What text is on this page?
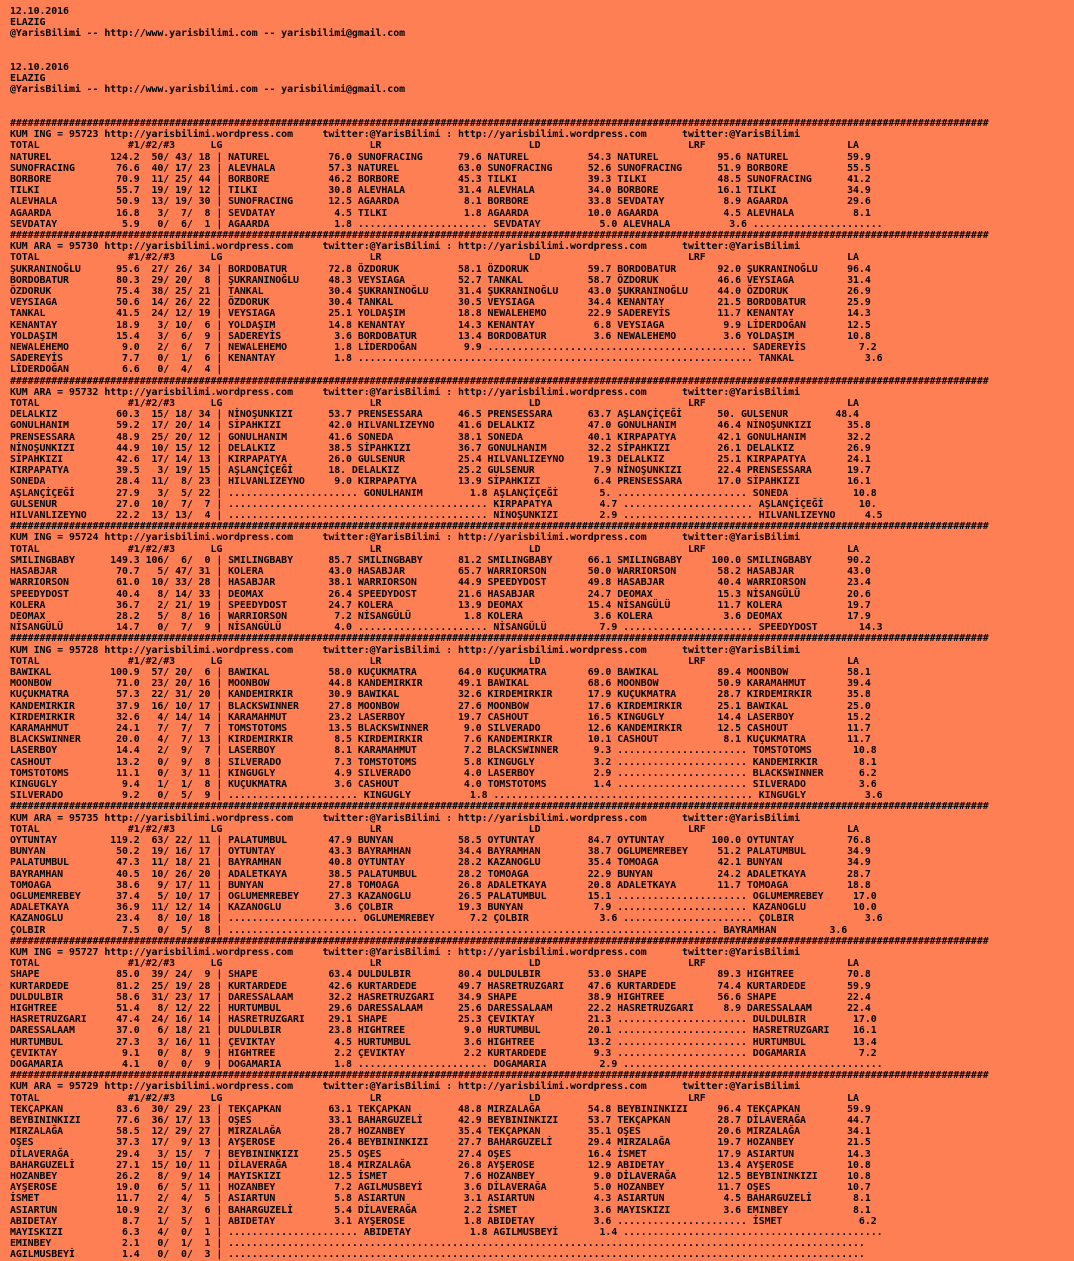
12.10.2016
ELAZIG
@YarisBilimi -- http://www.yarisbilimi.com -- yarisbilimi@gmail.com
12.10.2016
ELAZIG
@YarisBilimi -- http://www.yarisbilimi.com -- yarisbilimi@gmail.com
######################################################################################################################################################################
KUM ING = 95723 http://yarisbilimi.wordpress.com     twitter:@YarisBilimi : http://yarisbilimi.wordpress.com      twitter:@YarisBilimi
TOTAL               #1/#2/#3      LG                         LR                         LD                         LRF                        LA
NATUREL          124.2  50/ 43/ 18 | NATUREL          76.0 SUNOFRACING      79.6 NATUREL          54.3 NATUREL          95.6 NATUREL          59.9
SUNOFRACING       76.6  40/ 17/ 23 | ALEVHALA         57.3 NATUREL          63.0 SUNOFRACING      52.6 SUNOFRACING      51.9 BORBORE          55.5
BORBORE           70.9  11/ 25/ 44 | BORBORE          46.2 BORBORE          45.3 TILKI            39.3 TILKI            48.5 SUNOFRACING      41.2
TILKI             55.7  19/ 19/ 12 | TILKI            30.8 ALEVHALA         31.4 ALEVHALA         34.0 BORBORE          16.1 TILKI            34.9
ALEVHALA          50.9  13/ 19/ 30 | SUNOFRACING      12.5 AGAARDA           8.1 BORBORE          33.8 SEVDATAY          8.9 AGAARDA          29.6
AGAARDA           16.8   3/  7/  8 | SEVDATAY          4.5 TILKI             1.8 AGAARDA          10.0 AGAARDA           4.5 ALEVHALA          8.1
SEVDATAY           5.9   0/  6/  1 | AGAARDA           1.8 ...................... SEVDATAY          5.0 ALEVHALA          3.6 ......................
######################################################################################################################################################################
KUM ARA = 95730 http://yarisbilimi.wordpress.com     twitter:@YarisBilimi : http://yarisbilimi.wordpress.com      twitter:@YarisBilimi
TOTAL               #1/#2/#3      LG                         LR                         LD                         LRF                        LA
ŞUKRANINOĞLU      95.6  27/ 26/ 34 | BORDOBATUR       72.8 ÖZDORUK          58.1 ÖZDORUK          59.7 BORDOBATUR       92.0 ŞUKRANINOĞLU     96.4
BORDOBATUR        80.3  29/ 20/  8 | ŞUKRANINOĞLU     48.3 VEYSIAGA         52.7 TANKAL           58.7 ÖZDORUK          46.6 VEYSIAGA         31.4
ÖZDORUK           75.4  38/ 25/ 21 | TANKAL           30.4 ŞUKRANINOĞLU     31.4 ŞUKRANINOĞLU     43.0 ŞUKRANINOĞLU     44.0 ÖZDORUK          26.9
VEYSIAGA          50.6  14/ 26/ 22 | ÖZDORUK          30.4 TANKAL           30.5 VEYSIAGA         34.4 KENANTAY         21.5 BORDOBATUR       25.9
TANKAL            41.5  24/ 12/ 19 | VEYSIAGA         25.1 YOLDAŞIM         18.8 NEWALEHEMO       22.9 SADEREYİS        11.7 KENANTAY         14.3
KENANTAY          18.9   3/ 10/  6 | YOLDAŞIM         14.8 KENANTAY         14.3 KENANTAY          6.8 VEYSIAGA          9.9 LİDERDOĞAN       12.5
YOLDAŞIM          15.4   3/  6/  9 | SADEREYİS         3.6 BORDOBATUR       13.4 BORDOBATUR        3.6 NEWALEHEMO        3.6 YOLDAŞIM         10.8
NEWALEHEMO         9.0   2/  6/  7 | NEWALEHEMO        1.8 LİDERDOĞAN        9.9 ............................................ SADEREYİS         7.2
SADEREYİS          7.7   0/  1/  6 | KENANTAY          1.8 ................................................................... TANKAL            3.6
LİDERDOĞAN         6.6   0/  4/  4 |
######################################################################################################################################################################
KUM ARA = 95732 http://yarisbilimi.wordpress.com     twitter:@YarisBilimi : http://yarisbilimi.wordpress.com      twitter:@YarisBilimi
TOTAL               #1/#2/#3      LG                         LR                         LD                         LRF                        LA
DELALKIZ          60.3  15/ 18/ 34 | NİNOŞUNKIZI      53.7 PRENSESSARA      46.5 PRENSESSARA      63.7 AŞLANÇİÇEĞİ      50. GULSENUR        48.4
GONULHANIM        59.2  17/ 20/ 14 | SİPAHKIZI        42.0 HILVANLIZEYNO    41.6 DELALKIZ         47.0 GONULHANIM       46.4 NİNOŞUNKIZI      35.8
PRENSESSARA       48.9  25/ 20/ 12 | GONULHANIM       41.6 SONEDA           38.1 SONEDA           40.1 KIRPAPATYA       42.1 GONULHANIM       32.2
NİNOŞUNKIZI       44.9  10/ 15/ 12 | DELALKIZ         38.5 SİPAHKIZI        36.7 GONULHANIM       32.2 SİPAHKIZI        26.1 DELALKIZ         26.9
SİPAHKIZI         42.6  17/ 14/ 13 | KIRPAPATYA       26.0 GULSENUR         25.4 HILVANLIZEYNO    19.3 DELALKIZ         25.1 KIRPAPATYA       24.1
KIRPAPATYA        39.5   3/ 19/ 15 | AŞLANÇİÇEĞİ      18. DELALKIZ          25.2 GULSENUR          7.9 NİNOŞUNKIZI      22.4 PRENSESSARA      19.7
SONEDA            28.4  11/  8/ 23 | HILVANLIZEYNO     9.0 KIRPAPATYA       13.9 SİPAHKIZI         6.4 PRENSESSARA      17.0 SİPAHKIZI        16.1
AŞLANÇİÇEĞİ       27.9   3/  5/ 22 | ...................... GONULHANIM        1.8 AŞLANÇİÇEĞİ       5. ...................... SONEDA           10.8
GULSENUR          27.0  10/  7/  7 | ............................................ KIRPAPATYA        4.7 ...................... AŞLANÇİÇEĞİ      10.
HILVANLIZEYNO     22.2  13/ 13/  4 | ............................................ NİNOŞUNKIZI       2.9 ...................... HILVANLIZEYNO     4.5
######################################################################################################################################################################
KUM ING = 95724 http://yarisbilimi.wordpress.com     twitter:@YarisBilimi : http://yarisbilimi.wordpress.com      twitter:@YarisBilimi
TOTAL               #1/#2/#3      LG                         LR                         LD                         LRF                        LA
SMILINGBABY      149.3 106/  6/  0 | SMILINGBABY      85.7 SMILINGBABY      81.2 SMILINGBABY      66.1 SMILINGBABY     100.0 SMILINGBABY      90.2
HASABJAR          70.7   5/ 47/ 31 | KOLERA           43.0 HASABJAR         65.7 WARRIORSON       50.0 WARRIORSON       58.2 HASABJAR         43.0
WARRIORSON        61.0  10/ 33/ 28 | HASABJAR         38.1 WARRIORSON       44.9 SPEEDYDOST       49.8 HASABJAR         40.4 WARRIORSON       23.4
SPEEDYDOST        40.4   8/ 14/ 33 | DEOMAX           26.4 SPEEDYDOST       21.6 HASABJAR         24.7 DEOMAX           15.3 NİSANGÜLÜ        20.6
KOLERA            36.7   2/ 21/ 19 | SPEEDYDOST       24.7 KOLERA           13.9 DEOMAX           15.4 NİSANGÜLÜ        11.7 KOLERA           19.7
DEOMAX            28.2   5/  8/ 16 | WARRIORSON        7.2 NİSANGÜLÜ         1.8 KOLERA            3.6 KOLERA            3.6 DEOMAX           17.9
NİSANGÜLÜ         14.7   0/  7/  9 | NİSANGÜLÜ         4.0 ...................... NİSANGÜLÜ         7.9 ...................... SPEEDYDOST       14.3
######################################################################################################################################################################
KUM ING = 95728 http://yarisbilimi.wordpress.com     twitter:@YarisBilimi : http://yarisbilimi.wordpress.com      twitter:@YarisBilimi
TOTAL               #1/#2/#3      LG                         LR                         LD                         LRF                        LA
BAWIKAL          100.9  57/ 20/  6 | BAWIKAL          58.0 KUÇUKMATRA       64.0 KUÇUKMATRA       69.0 BAWIKAL          89.4 MOONBOW          58.1
MOONBOW           71.0  23/ 20/ 16 | MOONBOW          44.8 KANDEMIRKIR      49.1 BAWIKAL          68.6 MOONBOW          50.9 KARAMAHMUT       39.4
KUÇUKMATRA        57.3  22/ 31/ 20 | KANDEMIRKIR      30.9 BAWIKAL          32.6 KIRDEMIRKIR      17.9 KUÇUKMATRA       28.7 KIRDEMIRKIR      35.8
KANDEMIRKIR       37.9  16/ 10/ 17 | BLACKSWINNER     27.8 MOONBOW          27.6 MOONBOW          17.6 KIRDEMIRKIR      25.1 BAWIKAL          25.0
KIRDEMIRKIR       32.6   4/ 14/ 14 | KARAMAHMUT       23.2 LASERBOY         19.7 CASHOUT          16.5 KINGUGLY         14.4 LASERBOY         15.2
KARAMAHMUT        24.1   7/  7/  7 | TOMSTOTOMS       13.5 BLACKSWINNER      9.0 SILVERADO        12.6 KANDEMIRKIR      12.5 CASHOUT          11.7
BLACKSWINNER      20.0   4/  7/ 13 | KIRDEMIRKIR       8.5 KIRDEMIRKIR       7.6 KANDEMIRKIR      10.1 CASHOUT           8.1 KUÇUKMATRA       11.7
LASERBOY          14.4   2/  9/  7 | LASERBOY          8.1 KARAMAHMUT        7.2 BLACKSWINNER      9.3 ...................... TOMSTOTOMS       10.8
CASHOUT           13.2   0/  9/  8 | SILVERADO         7.3 TOMSTOTOMS        5.8 KINGUGLY          3.2 ...................... KANDEMIRKIR       8.1
TOMSTOTOMS        11.1   0/  3/ 11 | KINGUGLY          4.9 SILVERADO         4.0 LASERBOY          2.9 ...................... BLACKSWINNER      6.2
KINGUGLY           9.4   1/  1/  8 | KUÇUKMATRA        3.6 CASHOUT           4.0 TOMSTOTOMS        1.4 ...................... SILVERADO         3.6
SILVERADO          9.2   0/  5/  9 | ...................... KINGUGLY          1.8 ............................................ KINGUGLY          3.6
######################################################################################################################################################################
KUM ARA = 95735 http://yarisbilimi.wordpress.com     twitter:@YarisBilimi : http://yarisbilimi.wordpress.com      twitter:@YarisBilimi
TOTAL               #1/#2/#3      LG                         LR                         LD                         LRF                        LA
OYTUNTAY         119.2  63/ 22/ 11 | PALATUMBUL       47.9 BUNYAN           58.5 OYTUNTAY         84.7 OYTUNTAY        100.0 OYTUNTAY         76.8
BUNYAN            50.2  19/ 16/ 17 | OYTUNTAY         43.3 BAYRAMHAN        34.4 BAYRAMHAN        38.7 OGLUMEMREBEY     51.2 PALATUMBUL       34.9
PALATUMBUL        47.3  11/ 18/ 21 | BAYRAMHAN        40.8 OYTUNTAY         28.2 KAZANOGLU        35.4 TOMOAGA          42.1 BUNYAN           34.9
BAYRAMHAN         40.5  10/ 26/ 20 | ADALETKAYA       38.5 PALATUMBUL       28.2 TOMOAGA          22.9 BUNYAN           24.2 ADALETKAYA       28.7
TOMOAGA           38.6   9/ 17/ 11 | BUNYAN           27.8 TOMOAGA          26.8 ADALETKAYA       20.8 ADALETKAYA       11.7 TOMOAGA          18.8
OGLUMEMREBEY      37.4   5/ 10/ 17 | OGLUMEMREBEY     27.3 KAZANOGLU        26.5 PALATUMBUL       15.1 ...................... OGLUMEMREBEY     17.0
ADALETKAYA        36.9  11/ 12/ 14 | KAZANOGLU         3.6 ÇOLBIR           19.3 BUNYAN            7.9 ...................... KAZANOGLU        10.0
KAZANOGLU         23.4   8/ 10/ 18 | ...................... OGLUMEMREBEY      7.2 ÇOLBIR            3.6 ...................... ÇOLBIR            3.6
ÇOLBIR             7.5   0/  5/  8 | ................................................................................... BAYRAMHAN         3.6
######################################################################################################################################################################
KUM ING = 95727 http://yarisbilimi.wordpress.com     twitter:@YarisBilimi : http://yarisbilimi.wordpress.com      twitter:@YarisBilimi
TOTAL               #1/#2/#3      LG                         LR                         LD                         LRF                        LA
SHAPE             85.0  39/ 24/  9 | SHAPE            63.4 DULDULBIR        80.4 DULDULBIR        53.0 SHAPE            89.3 HIGHTREE         70.8
KURTARDEDE        81.2  25/ 19/ 28 | KURTARDEDE       42.6 KURTARDEDE       49.7 HASRETRUZGARI    47.6 KURTARDEDE       74.4 KURTARDEDE       59.9
DULDULBIR         58.6  31/ 23/ 17 | DARESSALAAM      32.2 HASRETRUZGARI    34.9 SHAPE            38.9 HIGHTREE         56.6 SHAPE            22.4
HIGHTREE          51.4   8/ 12/ 22 | HURTUMBUL        29.6 DARESSALAAM      25.6 DARESSALAAM      22.2 HASRETRUZGARI     8.9 DARESSALAAM      22.4
HASRETRUZGARI     47.4  24/ 16/ 14 | HASRETRUZGARI    29.1 SHAPE            25.3 ÇEVIKTAY         21.3 ...................... DULDULBIR        17.0
DARESSALAAM       37.0   6/ 18/ 21 | DULDULBIR        23.8 HIGHTREE          9.0 HURTUMBUL        20.1 ...................... HASRETRUZGARI    16.1
HURTUMBUL         27.3   3/ 16/ 11 | ÇEVIKTAY          4.5 HURTUMBUL         3.6 HIGHTREE         13.2 ...................... HURTUMBUL        13.4
ÇEVIKTAY           9.1   0/  8/  9 | HIGHTREE          2.2 ÇEVIKTAY          2.2 KURTARDEDE        9.3 ...................... DOGAMARIA         7.2
DOGAMARIA          4.1   0/  0/  9 | DOGAMARIA         1.8 ...................... DOGAMARIA         2.9 ............................................
######################################################################################################################################################################
KUM ARA = 95729 http://yarisbilimi.wordpress.com     twitter:@YarisBilimi : http://yarisbilimi.wordpress.com      twitter:@YarisBilimi
TOTAL               #1/#2/#3      LG                         LR                         LD                         LRF                        LA
TEKÇAPKAN         83.6  30/ 29/ 23 | TEKÇAPKAN        63.1 TEKÇAPKAN        48.8 MIRZALAĞA        54.8 BEYBININKIZI     96.4 TEKÇAPKAN        59.9
BEYBININKIZI      77.6  36/ 17/ 13 | OŞES             33.1 BAHARGUZELİ      42.9 BEYBININKIZI     53.7 TEKÇAPKAN        28.7 DİLAVERAĞA       44.7
MIRZALAĞA         58.5  12/ 29/ 27 | MIRZALAĞA        28.7 HOZANBEY         35.4 TEKÇAPKAN        35.1 OŞES             20.6 MIRZALAĞA        34.1
OŞES              37.3  17/  9/ 13 | AYŞEROSE         26.4 BEYBININKIZI     27.7 BAHARGUZELİ      29.4 MIRZALAĞA        19.7 HOZANBEY         21.5
DİLAVERAĞA        29.4   3/ 15/  7 | BEYBININKIZI     25.5 OŞES             27.4 OŞES             16.4 İSMET            17.9 ASIARTUN         14.3
BAHARGUZELİ       27.1  15/ 10/ 11 | DİLAVERAĞA       18.4 MIRZALAĞA        26.8 AYŞEROSE         12.9 ABIDETAY         13.4 AYŞEROSE         10.8
HOZANBEY          26.2   8/  9/ 14 | MAYISKIZI        12.5 İSMET             7.6 HOZANBEY          9.0 DİLAVERAĞA       12.5 BEYBININKIZI     10.8
AYŞEROSE          19.0   6/  5/ 11 | HOZANBEY          7.2 AGILMUSBEYİ       3.6 DİLAVERAĞA        5.0 HOZANBEY         11.7 OŞES             10.7
İSMET             11.7   2/  4/  5 | ASIARTUN          5.8 ASIARTUN          3.1 ASIARTUN          4.3 ASIARTUN          4.5 BAHARGUZELİ       8.1
ASIARTUN          10.9   2/  3/  6 | BAHARGUZELİ       5.4 DİLAVERAĞA        2.2 İSMET             3.6 MAYISKIZI         3.6 EMINBEY           8.1
ABIDETAY           8.7   1/  5/  1 | ABIDETAY          3.1 AYŞEROSE          1.8 ABIDETAY          3.6 ...................... İSMET             6.2
MAYISKIZI          6.3   4/  0/  1 | ...................... ABIDETAY          1.8 AGILMUSBEYİ       1.4 ............................................
EMINBEY            2.1   0/  1/  1 | ............................................................................................................
AGILMUSBEYİ        1.4   0/  0/  3 | ............................................................................................................
